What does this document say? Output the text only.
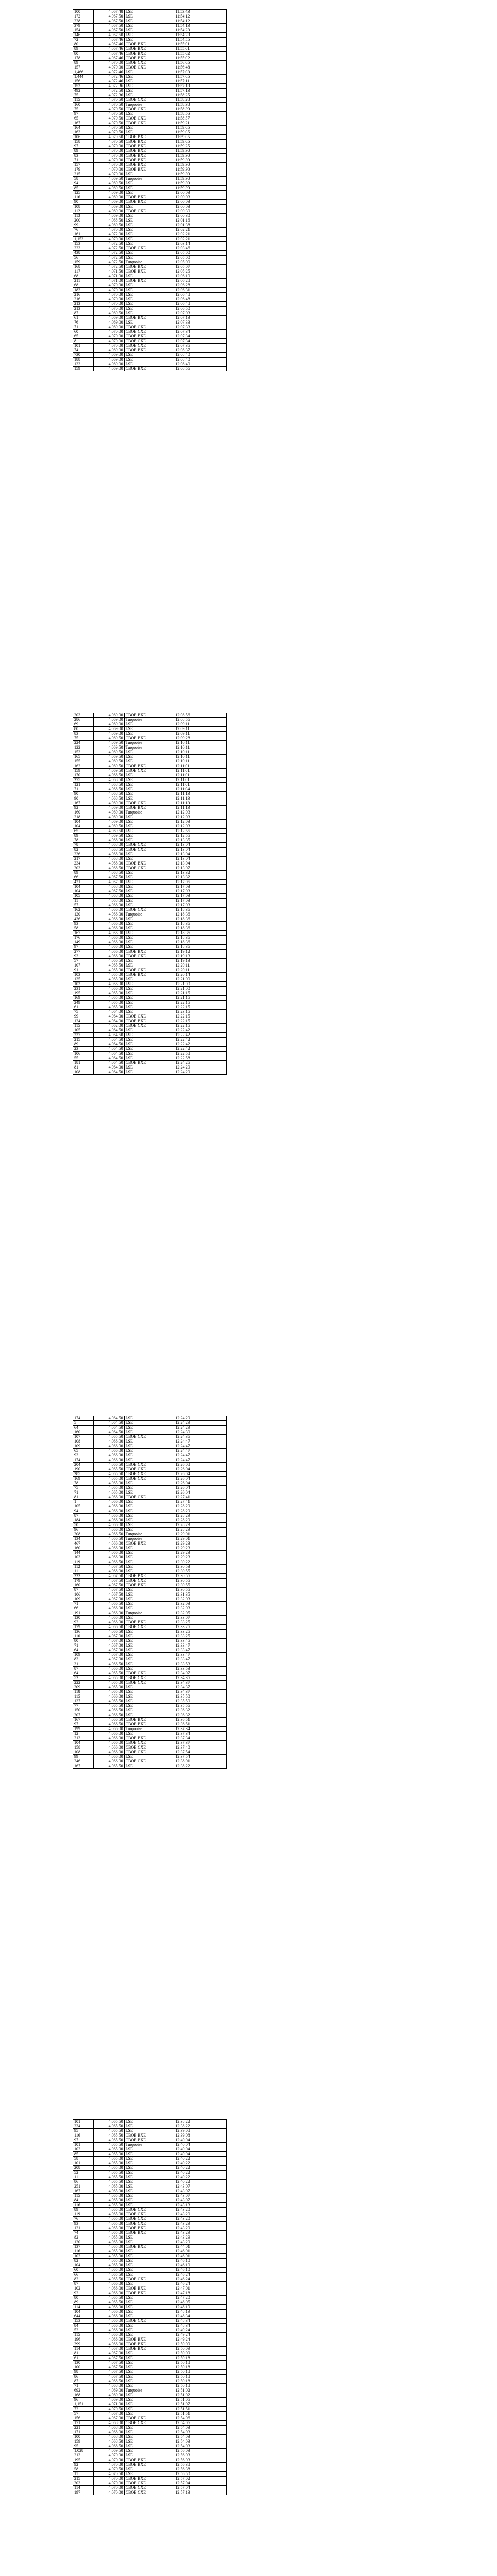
100	4,067.48	LSE	11:53:43
172	4,067.50	LSE	11:54:12
228	4,067.50	LSE	11:54:12
379	4,067.50	LSE	11:54:13
154	4,067.50	LSE	11:54:23
146	4,067.50	LSE	11:54:23
72	4,067.46	LSE	11:54:55
80	4,067.46	CBOE BXE	11:55:01
89	4,067.46	CBOE BXE	11:55:01
80	4,067.46	CBOE BXE	11:55:02
178	4,067.46	CBOE BXE	11:55:02
89	4,070.00	CBOE CXE	11:56:05
157	4,070.00	CBOE CXE	11:56:48
1,466	4,072.46	LSE	11:57:03
1,444	4,072.46	LSE	11:57:05
156	4,072.46	LSE	11:57:11
153	4,072.36	LSE	11:57:13
492	4,072.50	LSE	11:57:13
75	4,072.36	LSE	11:58:25
115	4,070.50	CBOE CXE	11:58:28
160	4,070.50	Turquoise	11:58:38
75	4,070.50	CBOE CXE	11:58:39
97	4,070.50	LSE	11:58:56
65	4,070.50	CBOE CXE	11:58:57
167	4,070.50	CBOE CXE	11:59:21
164	4,070.50	LSE	11:59:05
163	4,070.50	LSE	11:59:05
106	4,070.50	CBOE BXE	11:59:05
158	4,070.50	CBOE BXE	11:59:05
97	4,070.00	CBOE BXE	11:59:25
89	4,070.00	CBOE BXE	11:59:30
83	4,070.00	CBOE BXE	11:59:30
71	4,070.00	CBOE BXE	11:59:30
157	4,070.00	CBOE BXE	11:59:30
179	4,070.00	CBOE BXE	11:59:30
215	4,070.00	LSE	11:59:30
58	4,069.50	Turquoise	11:59:30
94	4,069.50	LSE	11:59:30
85	4,069.50	LSE	11:59:39
125	4,069.00	LSE	12:00:03
116	4,069.00	CBOE BXE	12:00:03
90	4,069.00	CBOE BXE	12:00:03
108	4,069.00	LSE	12:00:03
112	4,069.00	CBOE CXE	12:00:30
113	4,069.00	LSE	12:00:30
200	4,068.50	LSE	12:01:16
99	4,069.50	LSE	12:01:38
76	4,070.00	LSE	12:02:21
161	4,072.00	LSE	12:02:21
1,153	4,070.00	LSE	12:02:21
153	4,072.50	LSE	12:03:14
223	4,072.50	CBOE CXE	12:03:46
438	4,072.50	LSE	12:05:00
56	4,072.50	LSE	12:05:00
159	4,072.50	Turquoise	12:05:00
168	4,072.50	CBOE BXE	12:05:07
117	4,071.50	CBOE BXE	12:05:25
68	4,071.00	LSE	12:06:10
211	4,071.00	CBOE BXE	12:06:28
68	4,070.00	LSE	12:06:28
183	4,070.00	LSE	12:06:31
216	4,070.00	LSE	12:06:48
216	4,070.00	LSE	12:06:48
213	4,070.00	LSE	12:06:48
213	4,070.00	LSE	12:06:50
87	4,069.50	LSE	12:07:03
61	4,069.00	CBOE BXE	12:07:13
76	4,069.00	LSE	12:07:33
71	4,069.00	CBOE CXE	12:07:33
60	4,070.00	CBOE CXE	12:07:34
65	4,070.00	CBOE BXE	12:07:34
8	4,070.00	CBOE CXE	12:07:34
101	4,070.00	CBOE CXE	12:07:35
74	4,069.00	CBOE BXE	12:08:37
730	4,069.00	LSE	12:08:40
188	4,069.00	LSE	12:08:40
133	4,069.00	LSE	12:08:40
159	4,069.00	CBOE BXE	12:08:56
203	4,069.00	CBOE BXE	12:08:56
286	4,069.00	Turquoise	12:08:56
69	4,069.00	LSE	12:09:11
80	4,069.00	LSE	12:09:11
83	4,069.00	LSE	12:09:11
75	4,069.50	CBOE BXE	12:09:28
224	4,069.50	Turquoise	12:10:11
122	4,069.50	Turquoise	12:10:11
153	4,069.50	LSE	12:10:11
165	4,069.50	LSE	12:10:11
155	4,069.50	LSE	12:10:11
162	4,069.50	CBOE BXE	12:11:01
159	4,069.50	CBOE CXE	12:11:01
170	4,068.50	LSE	12:11:01
275	4,068.50	LSE	12:11:01
121	4,068.50	LSE	12:11:01
71	4,068.50	LSE	12:11:04
90	4,068.50	LSE	12:11:13
90	4,068.50	LSE	12:11:13
167	4,069.00	CBOE CXE	12:11:13
92	4,069.00	CBOE BXE	12:11:13
160	4,069.00	Turquoise	12:12:03
218	4,069.00	LSE	12:12:03
104	4,069.00	LSE	12:12:03
104	4,069.50	LSE	12:12:03
65	4,069.50	LSE	12:12:55
89	4,069.50	LSE	12:12:55
78	4,068.00	LSE	12:13:35
78	4,068.00	CBOE CXE	12:13:04
82	4,068.50	CBOE CXE	12:13:04
236	4,068.00	LSE	12:13:04
217	4,068.00	LSE	12:13:04
234	4,068.00	CBOE BXE	12:13:04
203	4,068.50	CBOE CXE	12:13:07
89	4,068.50	LSE	12:13:32
66	4,067.50	LSE	12:13:32
421	4,067.00	LSE	12:17:05
104	4,068.00	LSE	12:17:03
104	4,067.50	LSE	12:17:03
105	4,068.00	LSE	12:17:03
11	4,068.00	LSE	12:17:03
57	4,066.00	LSE	12:17:03
162	4,066.00	CBOE CXE	12:18:36
120	4,066.00	Turquoise	12:18:36
436	4,066.00	LSE	12:18:36
93	4,066.00	LSE	12:18:36
58	4,066.00	LSE	12:18:36
167	4,066.00	LSE	12:18:36
176	4,066.00	LSE	12:18:36
149	4,066.00	LSE	12:18:36
97	4,066.00	LSE	12:18:36
277	4,066.00	CBOE BXE	12:19:12
93	4,066.00	CBOE CXE	12:19:13
57	4,066.50	LSE	12:19:13
107	4,065.50	LSE	12:20:11
91	4,065.00	CBOE CXE	12:20:11
103	4,065.00	CBOE BXE	12:20:14
135	4,065.00	LSE	12:21:00
103	4,066.00	LSE	12:21:00
231	4,066.00	LSE	12:21:00
195	4,065.00	LSE	12:21:15
169	4,065.00	LSE	12:21:15
249	4,065.00	LSE	12:22:15
61	4,065.00	LSE	12:22:15
75	4,064.00	LSE	12:23:15
99	4,064.00	CBOE CXE	12:22:15
124	4,064.00	CBOE BXE	12:22:15
115	4,062.00	CBOE CXE	12:22:15
105	4,064.50	LSE	12:22:42
237	4,064.50	LSE	12:22:42
215	4,064.50	LSE	12:22:42
89	4,064.50	LSE	12:22:42
23	4,064.50	LSE	12:22:42
106	4,064.50	LSE	12:22:58
55	4,064.50	LSE	12:22:58
181	4,064.50	CBOE BXE	12:24:25
81	4,064.00	LSE	12:24:29
108	4,064.50	LSE	12:24:29
174	4,064.50	LSE	12:24:29
5	4,064.50	LSE	12:24:29
64	4,064.50	LSE	12:24:29
160	4,064.50	LSE	12:24:30
107	4,065.50	CBOE CXE	12:24:36
108	4,066.00	LSE	12:24:47
109	4,066.00	LSE	12:24:47
65	4,066.00	LSE	12:24:47
93	4,066.00	LSE	12:24:47
174	4,066.00	LSE	12:24:47
204	4,066.50	CBOE CXE	12:26:08
190	4,065.50	CBOE CXE	12:26:04
285	4,065.50	CBOE CXE	12:26:04
169	4,065.00	CBOE CXE	12:26:04
78	4,065.00	LSE	12:26:04
75	4,065.00	LSE	12:26:04
71	4,065.00	LSE	12:26:04
81	4,066.00	CBOE CXE	12:27:41
1	4,066.00	LSE	12:27:41
105	4,066.00	LSE	12:28:29
94	4,066.00	LSE	12:28:29
87	4,066.00	LSE	12:28:29
184	4,066.00	LSE	12:28:29
50	4,066.00	LSE	12:28:29
96	4,066.00	LSE	12:28:29
208	4,066.50	Turquoise	12:29:01
134	4,066.50	Turquoise	12:29:01
467	4,066.00	CBOE BXE	12:29:23
160	4,066.00	LSE	12:29:23
144	4,066.00	LSE	12:29:23
103	4,066.00	LSE	12:29:23
119	4,066.50	LSE	12:30:22
112	4,067.50	LSE	12:30:53
111	4,068.00	LSE	12:30:55
223	4,067.50	CBOE BXE	12:30:55
179	4,067.50	CBOE CXE	12:30:55
160	4,067.50	CBOE BXE	12:30:55
87	4,067.50	LSE	12:30:55
106	4,067.50	LSE	12:31:35
109	4,067.00	LSE	12:32:03
71	4,066.50	LSE	12:32:03
66	4,066.00	LSE	12:32:03
191	4,066.00	Turquoise	12:32:05
130	4,066.00	LSE	12:33:07
92	4,066.00	CBOE BXE	12:33:25
179	4,066.50	CBOE CXE	12:33:25
136	4,066.50	LSE	12:33:25
110	4,067.00	LSE	12:33:25
80	4,067.00	LSE	12:33:45
71	4,067.00	LSE	12:33:47
64	4,067.00	LSE	12:33:47
109	4,067.00	LSE	12:33:47
83	4,067.00	LSE	12:33:47
31	4,066.50	LSE	12:33:53
87	4,066.00	LSE	12:33:53
64	4,065.50	CBOE CXE	12:34:07
52	4,065.00	CBOE CXE	12:34:35
222	4,065.00	CBOE CXE	12:34:37
209	4,065.00	LSE	12:34:37
118	4,065.00	LSE	12:34:37
115	4,066.00	LSE	12:35:50
137	4,065.50	LSE	12:35:50
77	4,065.50	LSE	12:35:56
150	4,066.50	LSE	12:36:32
207	4,066.50	LSE	12:36:32
167	4,066.50	CBOE BXE	12:36:51
97	4,066.50	CBOE BXE	12:36:51
199	4,066.00	Turquoise	12:37:34
12	4,066.00	LSE	12:37:34
213	4,066.00	CBOE BXE	12:37:34
104	4,066.00	CBOE CXE	12:37:37
158	4,066.00	CBOE CXE	12:37:40
108	4,066.00	CBOE CXE	12:37:54
99	4,066.00	LSE	12:37:54
246	4,066.00	CBOE CXE	12:38:01
167	4,065.50	LSE	12:38:22
101	4,065.50	LSE	12:38:22
234	4,065.50	LSE	12:38:22
95	4,065.50	LSE	12:39:08
116	4,065.50	CBOE BXE	12:39:08
97	4,065.50	CBOE BXE	12:40:04
101	4,065.50	Turquoise	12:40:04
102	4,065.00	LSE	12:40:04
85	4,065.00	LSE	12:40:04
58	4,065.00	LSE	12:40:22
101	4,065.00	LSE	12:40:22
208	4,065.00	LSE	12:40:22
52	4,065.50	LSE	12:40:22
111	4,065.50	LSE	12:40:22
86	4,065.50	LSE	12:40:22
251	4,065.00	LSE	12:43:07
167	4,065.00	LSE	12:43:07
115	4,065.00	LSE	12:43:07
84	4,065.00	LSE	12:43:07
116	4,065.00	LSE	12:43:13
89	4,065.00	CBOE CXE	12:43:20
119	4,065.00	CBOE CXE	12:43:20
76	4,065.00	CBOE CXE	12:43:20
93	4,065.00	CBOE CXE	12:43:29
121	4,065.00	CBOE BXE	12:43:29
74	4,065.00	CBOE BXE	12:43:29
82	4,065.00	LSE	12:43:29
120	4,065.00	LSE	12:43:29
137	4,065.00	CBOE BXE	12:44:01
116	4,065.00	LSE	12:46:01
102	4,065.00	LSE	12:46:01
82	4,065.00	LSE	12:46:10
104	4,065.00	LSE	12:46:10
60	4,065.00	LSE	12:46:10
66	4,065.50	LSE	12:46:24
82	4,065.50	CBOE CXE	12:46:24
87	4,066.00	LSE	12:46:24
102	4,066.00	CBOE BXE	12:47:01
92	4,066.00	CBOE BXE	12:47:18
80	4,065.50	LSE	12:47:20
89	4,065.50	LSE	12:48:05
114	4,066.00	LSE	12:48:19
104	4,066.00	LSE	12:48:19
644	4,066.00	LSE	12:48:34
153	4,066.00	CBOE CXE	12:48:34
84	4,066.00	LSE	12:48:34
52	4,066.00	LSE	12:49:24
115	4,066.00	LSE	12:49:24
196	4,066.00	CBOE BXE	12:49:24
299	4,066.00	CBOE BXE	12:50:09
114	4,067.00	CBOE BXE	12:50:09
81	4,067.00	LSE	12:50:09
61	4,067.50	LSE	12:50:18
130	4,067.50	LSE	12:50:18
100	4,067.50	LSE	12:50:18
98	4,067.50	LSE	12:50:18
86	4,067.50	LSE	12:50:18
87	4,068.50	LSE	12:50:18
71	4,068.00	LSE	12:50:18
692	4,069.00	Turquoise	12:51:02
168	4,069.00	LSE	12:51:02
96	4,069.00	LSE	12:51:05
1,151	4,071.00	LSE	12:51:07
72	4,070.50	LSE	12:51:51
57	4,067.00	LSE	12:51:51
156	4,067.00	CBOE CXE	12:54:06
171	4,068.00	CBOE CXE	12:54:06
221	4,068.00	LSE	12:54:03
171	4,068.00	LSE	12:54:03
100	4,068.00	LSE	12:54:03
159	4,068.50	LSE	12:54:03
95	4,068.50	LSE	12:54:03
1,028	4,069.50	LSE	12:56:03
213	4,070.00	LSE	12:56:03
195	4,070.00	CBOE BXE	12:56:03
92	4,070.00	CBOE BXE	12:56:38
58	4,070.50	LSE	12:56:38
11	4,070.50	LSE	12:56:50
215	4,070.00	CBOE BXE	12:57:02
203	4,070.00	CBOE CXE	12:57:04
114	4,070.00	CBOE CXE	12:57:04
197	4,070.00	CBOE CXE	12:57:13
